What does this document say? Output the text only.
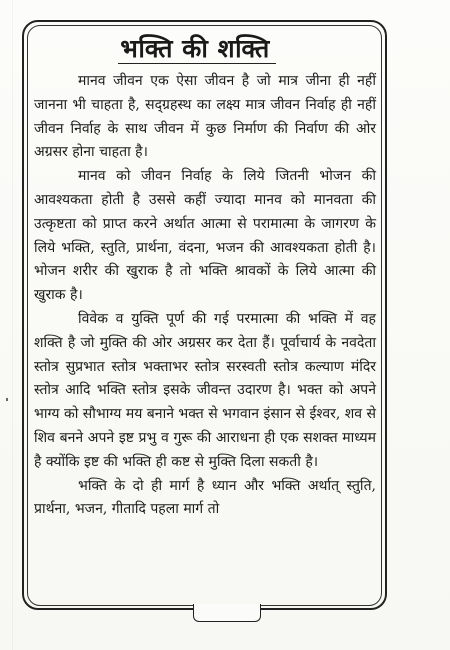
भक्ति की शक्ति

मानव जीवन एक ऐसा जीवन है जो मात्र जीना ही नहीं जानना भी चाहता है, सद्ग्रहस्थ का लक्ष्य मात्र जीवन निर्वाह ही नहीं जीवन निर्वाह के साथ जीवन में कुछ निर्माण की निर्वाण की ओर अग्रसर होना चाहता है।

मानव को जीवन निर्वाह के लिये जितनी भोजन की आवश्यकता होती है उससे कहीं ज्यादा मानव को मानवता की उत्कृष्टता को प्राप्त करने अर्थात आत्मा से परामात्मा के जागरण के लिये भक्ति, स्तुति, प्रार्थना, वंदना, भजन की आवश्यकता होती है। भोजन शरीर की खुराक है तो भक्ति श्रावकों के लिये आत्मा की खुराक है।

विवेक व युक्ति पूर्ण की गई परमात्मा की भक्ति में वह शक्ति है जो मुक्ति की ओर अग्रसर कर देता हैं। पूर्वाचार्य के नवदेता स्तोत्र सुप्रभात स्तोत्र भक्ताभर स्तोत्र सरस्वती स्तोत्र कल्याण मंदिर स्तोत्र आदि भक्ति स्तोत्र इसके जीवन्त उदारण है। भक्त को अपने भाग्य को सौभाग्य मय बनाने भक्त से भगवान इंसान से ईश्वर, शव से शिव बनने अपने इष्ट प्रभु व गुरू की आराधना ही एक सशक्त माध्यम है क्योंकि इष्ट की भक्ति ही कष्ट से मुक्ति दिला सकती है।

भक्ति के दो ही मार्ग है ध्यान और भक्ति अर्थात् स्तुति, प्रार्थना, भजन, गीतादि पहला मार्ग तो
